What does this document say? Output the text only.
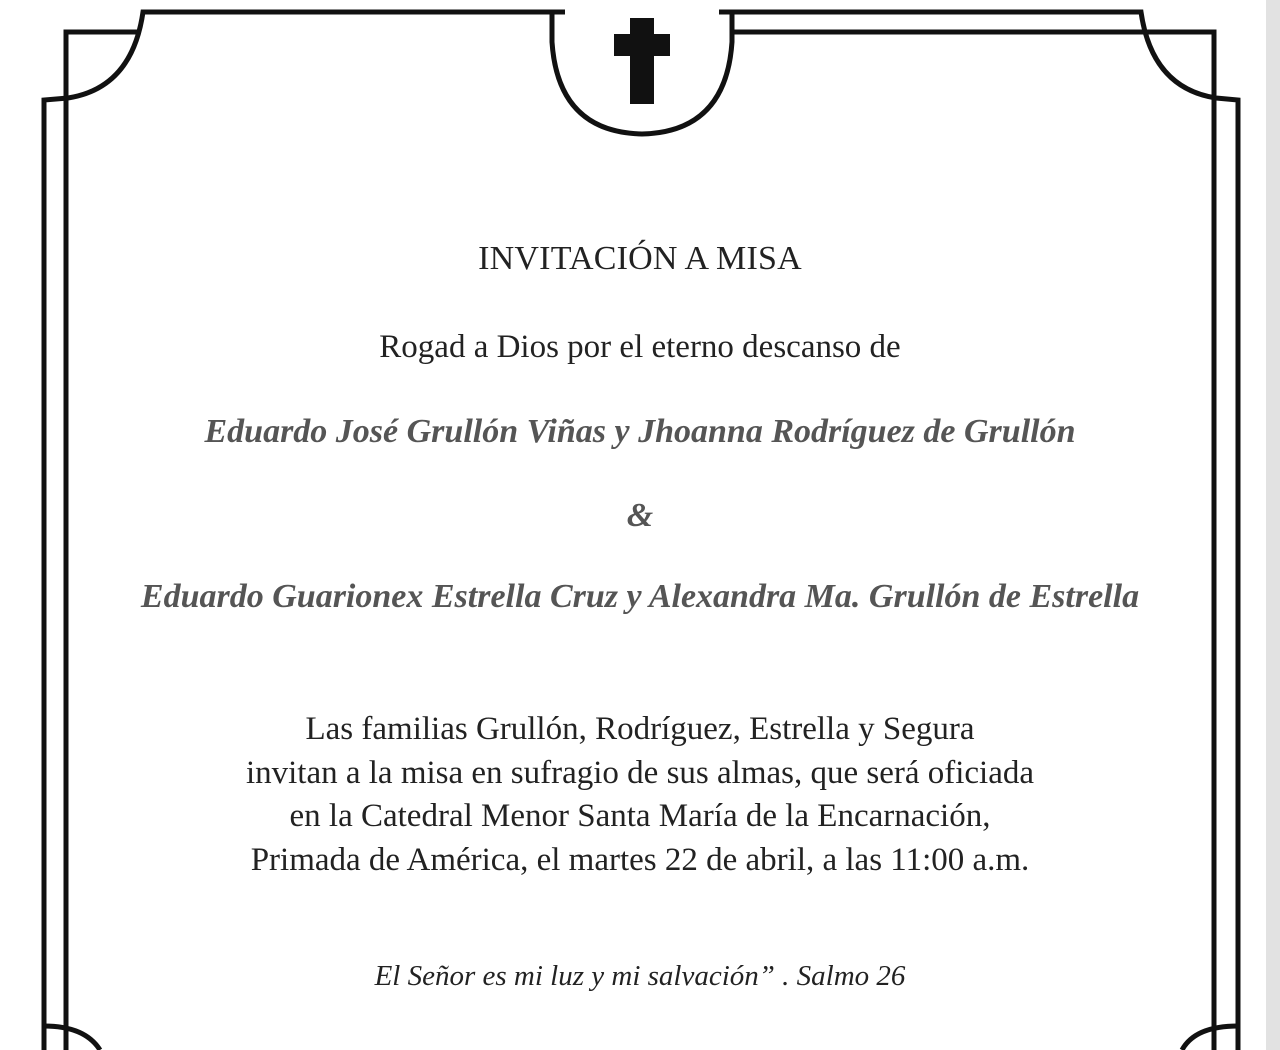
INVITACIÓN A MISA
Rogad a Dios por el eterno descanso de
Eduardo José Grullón Viñas y Jhoanna Rodríguez de Grullón
&
Eduardo Guarionex Estrella Cruz y Alexandra Ma. Grullón de Estrella
Las familias Grullón, Rodríguez, Estrella y Segura
invitan a la misa en sufragio de sus almas, que será oficiada
en la Catedral Menor Santa María de la Encarnación,
Primada de América, el martes 22 de abril, a las 11:00 a.m.
El Señor es mi luz y mi salvación” . Salmo 26
